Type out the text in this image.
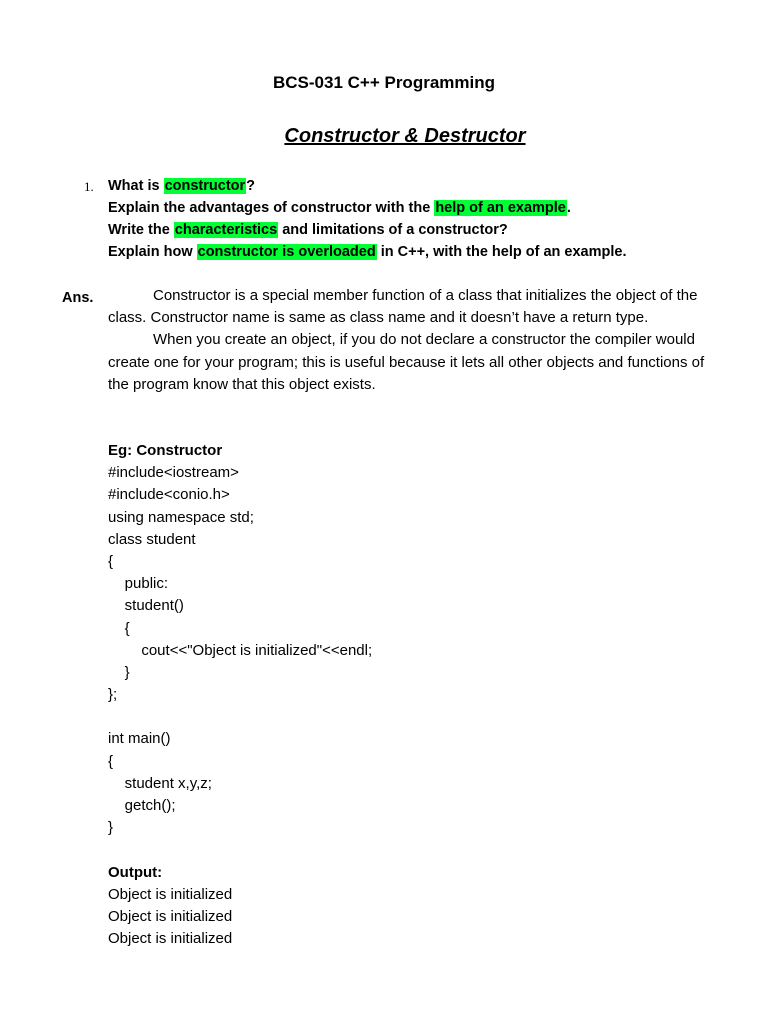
BCS-031 C++ Programming
Constructor & Destructor
1. What is constructor?
Explain the advantages of constructor with the help of an example.
Write the characteristics and limitations of a constructor?
Explain how constructor is overloaded in C++, with the help of an example.
Ans.	Constructor is a special member function of a class that initializes the object of the class. Constructor name is same as class name and it doesn’t have a return type.

When you create an object, if you do not declare a constructor the compiler would create one for your program; this is useful because it lets all other objects and functions of the program know that this object exists.

Eg: Constructor
#include<iostream>
#include<conio.h>
using namespace std;
class student
{
public:
student()
{
cout<<"Object is initialized"<<endl;
}
};
int main()
{
student x,y,z;
getch();
}
Output:
Object is initialized
Object is initialized
Object is initialized
